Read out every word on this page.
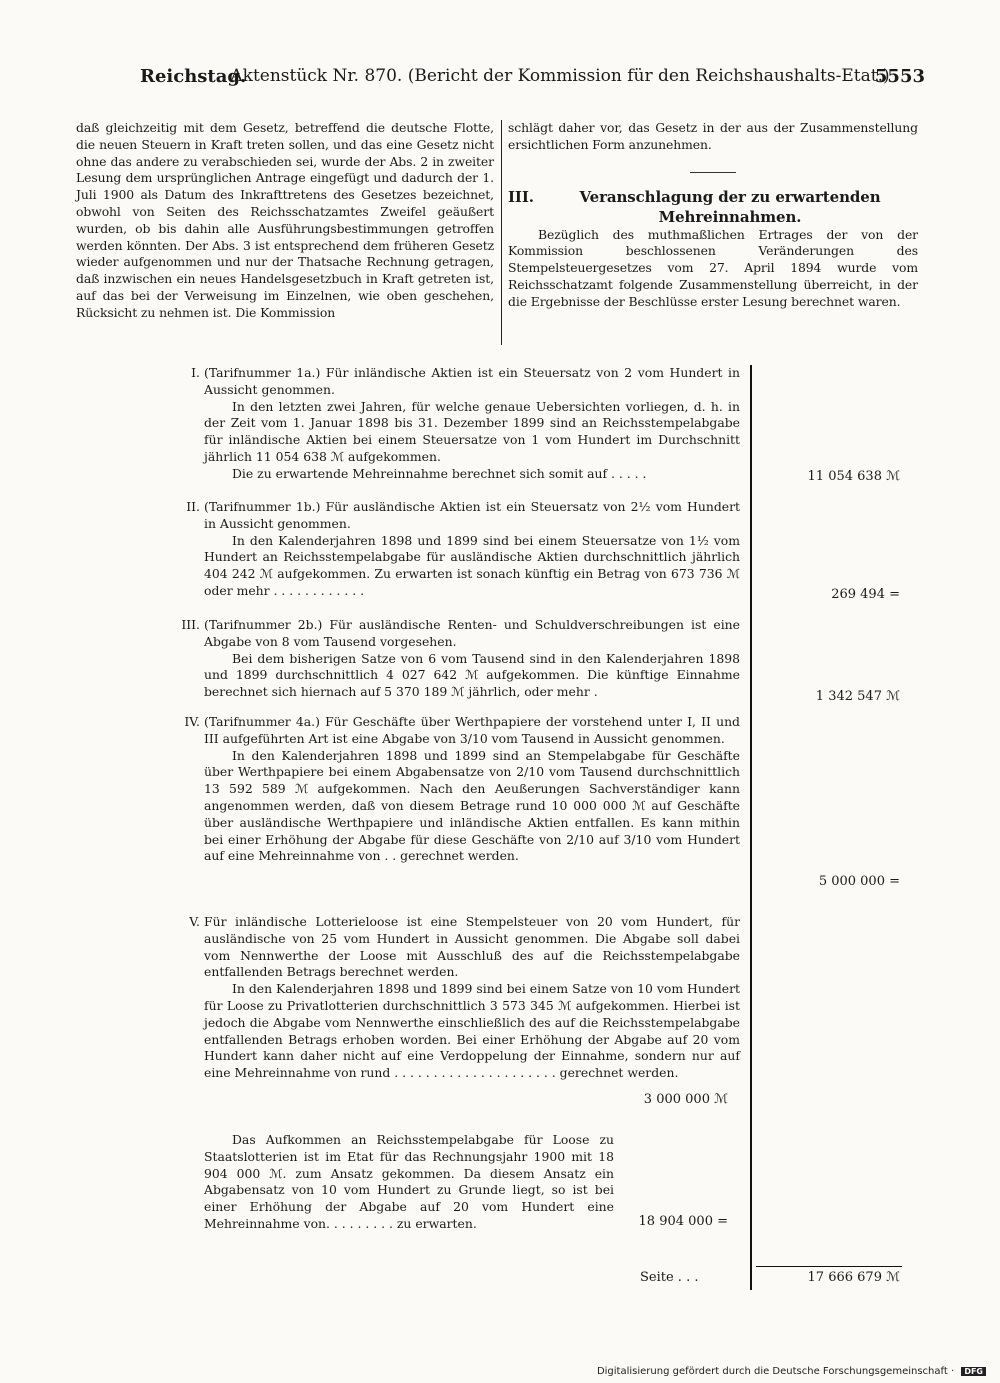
Reichstag.
Aktenstück Nr. 870. (Bericht der Kommission für den Reichshaushalts-Etat.)
5553
daß gleichzeitig mit dem Gesetz, betreffend die deutsche Flotte, die neuen Steuern in Kraft treten sollen, und das eine Gesetz nicht ohne das andere zu verabschieden sei, wurde der Abs. 2 in zweiter Lesung dem ursprünglichen Antrage eingefügt und dadurch der 1. Juli 1900 als Datum des Inkrafttretens des Gesetzes bezeichnet, obwohl von Seiten des Reichsschatzamtes Zweifel geäußert wurden, ob bis dahin alle Ausführungsbestimmungen getroffen werden könnten. Der Abs. 3 ist entsprechend dem früheren Gesetz wieder aufgenommen und nur der Thatsache Rechnung getragen, daß inzwischen ein neues Handelsgesetzbuch in Kraft getreten ist, auf das bei der Verweisung im Einzelnen, wie oben geschehen, Rücksicht zu nehmen ist. Die Kommission
schlägt daher vor, das Gesetz in der aus der Zusammenstellung ersichtlichen Form anzunehmen.
III.	Veranschlagung der zu erwartenden Mehreinnahmen.
Bezüglich des muthmaßlichen Ertrages der von der Kommission beschlossenen Veränderungen des Stempelsteuergesetzes vom 27. April 1894 wurde vom Reichsschatzamt folgende Zusammenstellung überreicht, in der die Ergebnisse der Beschlüsse erster Lesung berechnet waren.
I. (Tarifnummer 1a.) Für inländische Aktien ist ein Steuersatz von 2 vom Hundert in Aussicht genommen.
In den letzten zwei Jahren, für welche genaue Uebersichten vorliegen, d. h. in der Zeit vom 1. Januar 1898 bis 31. Dezember 1899 sind an Reichsstempelabgabe für inländische Aktien bei einem Steuersatze von 1 vom Hundert im Durchschnitt jährlich 11 054 638 ℳ aufgekommen.
Die zu erwartende Mehreinnahme berechnet sich somit auf . . . . .	11 054 638 ℳ
II. (Tarifnummer 1b.) Für ausländische Aktien ist ein Steuersatz von 2½ vom Hundert in Aussicht genommen.
In den Kalenderjahren 1898 und 1899 sind bei einem Steuersatze von 1½ vom Hundert an Reichsstempelabgabe für ausländische Aktien durchschnittlich jährlich 404 242 ℳ aufgekommen. Zu erwarten ist sonach künftig ein Betrag von 673 736 ℳ oder mehr . . . . . . . . . . . .	269 494 =
III. (Tarifnummer 2b.) Für ausländische Renten- und Schuldverschreibungen ist eine Abgabe von 8 vom Tausend vorgesehen.
Bei dem bisherigen Satze von 6 vom Tausend sind in den Kalenderjahren 1898 und 1899 durchschnittlich 4 027 642 ℳ aufgekommen. Die künftige Einnahme berechnet sich hiernach auf 5 370 189 ℳ jährlich, oder mehr .	1 342 547 ℳ
IV. (Tarifnummer 4a.) Für Geschäfte über Werthpapiere der vorstehend unter I, II und III aufgeführten Art ist eine Abgabe von 3/10 vom Tausend in Aussicht genommen.
In den Kalenderjahren 1898 und 1899 sind an Stempelabgabe für Geschäfte über Werthpapiere bei einem Abgabensatze von 2/10 vom Tausend durchschnittlich 13 592 589 ℳ aufgekommen. Nach den Aeußerungen Sachverständiger kann angenommen werden, daß von diesem Betrage rund 10 000 000 ℳ auf Geschäfte über ausländische Werthpapiere und inländische Aktien entfallen. Es kann mithin bei einer Erhöhung der Abgabe für diese Geschäfte von 2/10 auf 3/10 vom Hundert auf eine Mehreinnahme von . . gerechnet werden.
5 000 000 =
V. Für inländische Lotterieloose ist eine Stempelsteuer von 20 vom Hundert, für ausländische von 25 vom Hundert in Aussicht genommen. Die Abgabe soll dabei vom Nennwerthe der Loose mit Ausschluß des auf die Reichsstempelabgabe entfallenden Betrags berechnet werden.
In den Kalenderjahren 1898 und 1899 sind bei einem Satze von 10 vom Hundert für Loose zu Privatlotterien durchschnittlich 3 573 345 ℳ aufgekommen. Hierbei ist jedoch die Abgabe vom Nennwerthe einschließlich des auf die Reichsstempelabgabe entfallenden Betrags erhoben worden. Bei einer Erhöhung der Abgabe auf 20 vom Hundert kann daher nicht auf eine Verdoppelung der Einnahme, sondern nur auf eine Mehreinnahme von rund . . . . . . . . . . . . . . . . . . . . . gerechnet werden.
3 000 000 ℳ
Das Aufkommen an Reichsstempelabgabe für Loose zu Staatslotterien ist im Etat für das Rechnungsjahr 1900 mit 18 904 000 ℳ. zum Ansatz gekommen. Da diesem Ansatz ein Abgabensatz von 10 vom Hundert zu Grunde liegt, so ist bei einer Erhöhung der Abgabe auf 20 vom Hundert eine Mehreinnahme von. . . . . . . . . zu erwarten.	18 904 000 =
Seite . . .	17 666 679 ℳ
Digitalisierung gefördert durch die Deutsche Forschungsgemeinschaft · DFG
